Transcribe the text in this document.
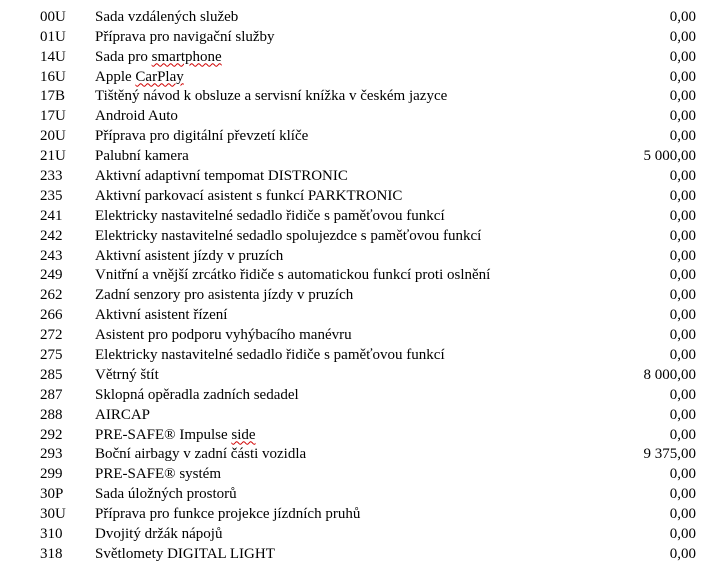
00U Sada vzdálených služeb	0,00
01U Příprava pro navigační služby	0,00
14U Sada pro smartphone	0,00
16U Apple CarPlay	0,00
17B Tištěný návod k obsluze a servisní knížka v českém jazyce	0,00
17U Android Auto	0,00
20U Příprava pro digitální převzetí klíče	0,00
21U Palubní kamera	5 000,00
233 Aktivní adaptivní tempomat DISTRONIC	0,00
235 Aktivní parkovací asistent s funkcí PARKTRONIC	0,00
241 Elektricky nastavitelné sedadlo řidiče s paměťovou funkcí	0,00
242 Elektricky nastavitelné sedadlo spolujezdce s paměťovou funkcí	0,00
243 Aktivní asistent jízdy v pruzích	0,00
249 Vnitřní a vnější zrcátko řidiče s automatickou funkcí proti oslnění	0,00
262 Zadní senzory pro asistenta jízdy v pruzích	0,00
266 Aktivní asistent řízení	0,00
272 Asistent pro podporu vyhýbacího manévru	0,00
275 Elektricky nastavitelné sedadlo řidiče s paměťovou funkcí	0,00
285 Větrný štít	8 000,00
287 Sklopná opěradla zadních sedadel	0,00
288 AIRCAP	0,00
292 PRE-SAFE® Impulse side	0,00
293 Boční airbagy v zadní části vozidla	9 375,00
299 PRE-SAFE® systém	0,00
30P Sada úložných prostorů	0,00
30U Příprava pro funkce projekce jízdních pruhů	0,00
310 Dvojitý držák nápojů	0,00
318 Světlomety DIGITAL LIGHT	0,00
